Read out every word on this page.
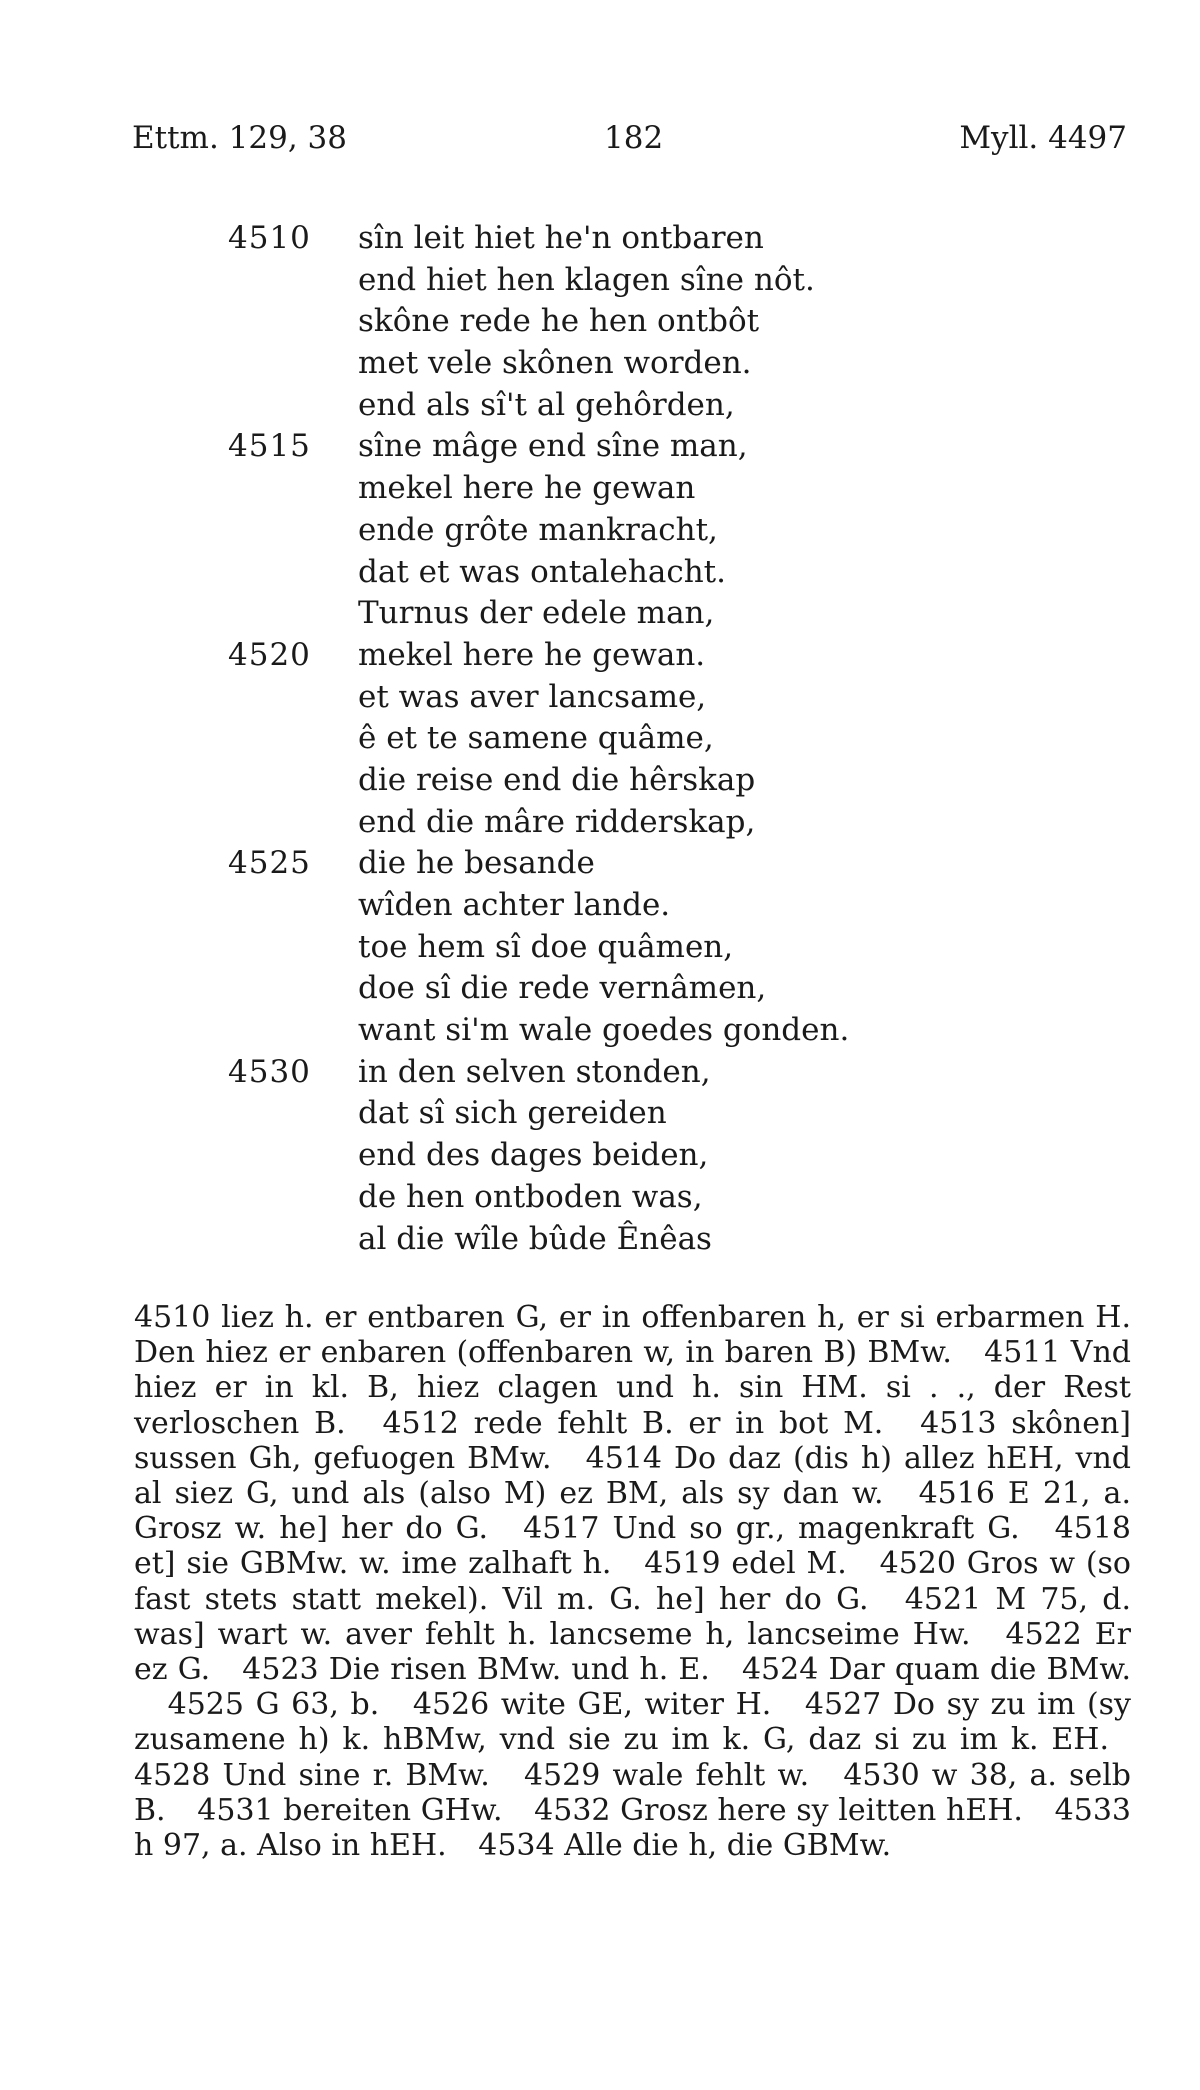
Ettm. 129, 38	182	Myll. 4497
4510 sîn leit hiet he'n ontbaren
end hiet hen klagen sîne nôt.
skône rede he hen ontbôt
met vele skônen worden.
end als sî't al gehôrden,
4515 sîne mâge end sîne man,
mekel here he gewan
ende grôte mankracht,
dat et was ontalehacht.
Turnus der edele man,
4520 mekel here he gewan.
et was aver lancsame,
ê et te samene quâme,
die reise end die hêrskap
end die mâre ridderskap,
4525 die he besande
wîden achter lande.
toe hem sî doe quâmen,
doe sî die rede vernâmen,
want si'm wale goedes gonden.
4530 in den selven stonden,
dat sî sich gereiden
end des dages beiden,
de hen ontboden was,
al die wîle bûde Ênêas
4510 liez h. er entbaren G, er in offenbaren h, er si erbarmen H. Den hiez er enbaren (offenbaren w, in baren B) BMw. 4511 Vnd hiez er in kl. B, hiez clagen und h. sin HM. si . ., der Rest verloschen B. 4512 rede fehlt B. er in bot M. 4513 skônen] sussen Gh, gefuogen BMw. 4514 Do daz (dis h) allez hEH, vnd al siez G, und als (also M) ez BM, als sy dan w. 4516 E 21, a. Grosz w. he] her do G. 4517 Und so gr., magenkraft G. 4518 et] sie GBMw. w. ime zalhaft h. 4519 edel M. 4520 Gros w (so fast stets statt mekel). Vil m. G. he] her do G. 4521 M 75, d. was] wart w. aver fehlt h. lancseme h, lancseime Hw. 4522 Er ez G. 4523 Die risen BMw. und h. E. 4524 Dar quam die BMw. 4525 G 63, b. 4526 wite GE, witer H. 4527 Do sy zu im (sy zusamene h) k. hBMw, vnd sie zu im k. G, daz si zu im k. EH. 4528 Und sine r. BMw. 4529 wale fehlt w. 4530 w 38, a. selb B. 4531 bereiten GHw. 4532 Grosz here sy leitten hEH. 4533 h 97, a. Also in hEH. 4534 Alle die h, die GBMw.
